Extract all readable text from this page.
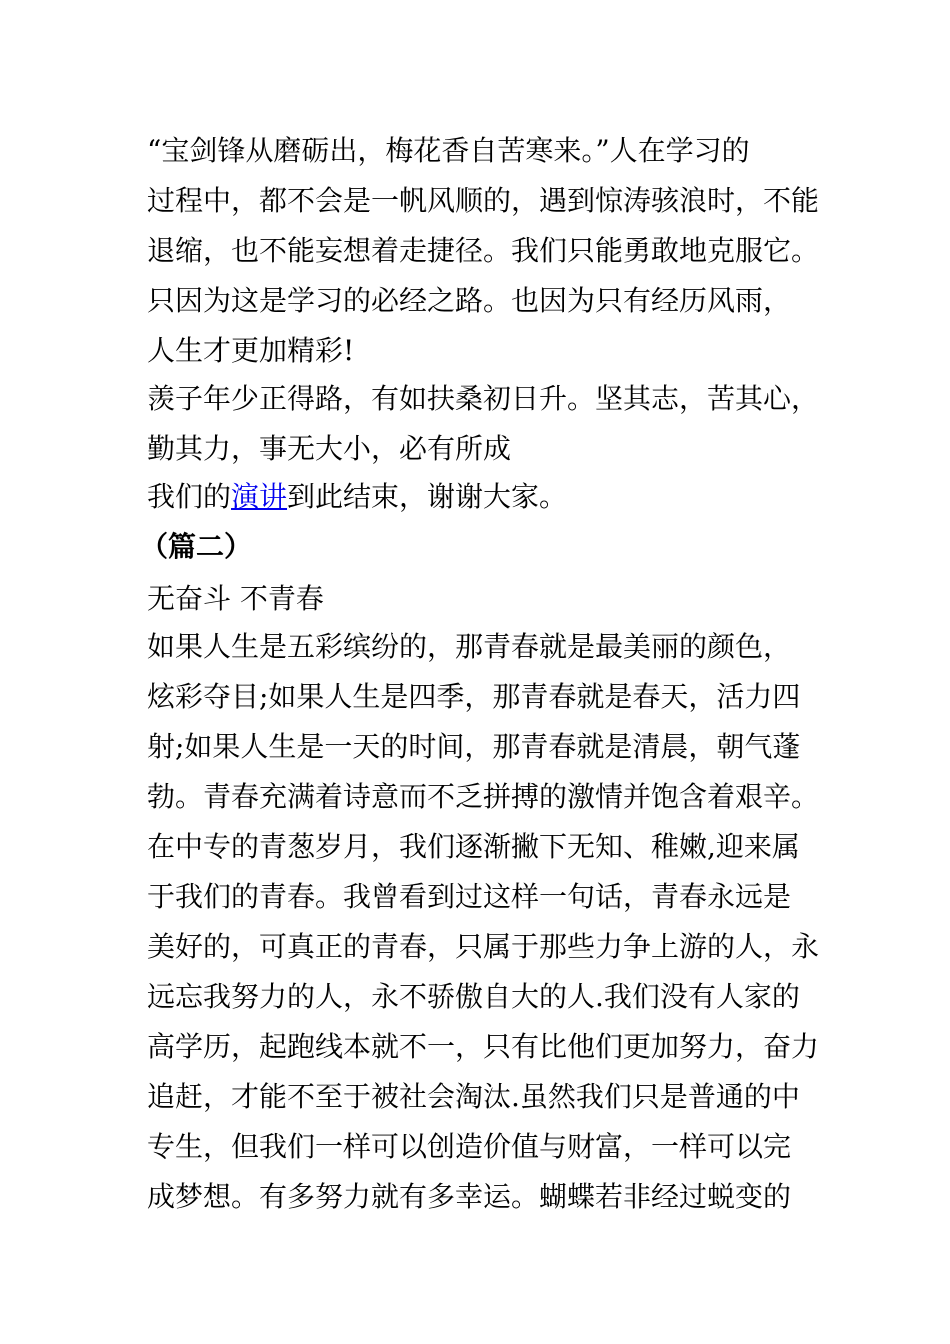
“宝剑锋从磨砺出，梅花香自苦寒来。”人在学习的
过程中，都不会是一帆风顺的，遇到惊涛骇浪时，不能
退缩，也不能妄想着走捷径。我们只能勇敢地克服它。
只因为这是学习的必经之路。也因为只有经历风雨，
人生才更加精彩!
羡子年少正得路，有如扶桑初日升。坚其志，苦其心，
勤其力，事无大小，必有所成
我们的演讲到此结束，谢谢大家。
（篇二）
无奋斗 不青春
如果人生是五彩缤纷的，那青春就是最美丽的颜色，
炫彩夺目;如果人生是四季，那青春就是春天，活力四
射;如果人生是一天的时间，那青春就是清晨，朝气蓬
勃。青春充满着诗意而不乏拼搏的激情并饱含着艰辛。
在中专的青葱岁月，我们逐渐撇下无知、稚嫩,迎来属
于我们的青春。我曾看到过这样一句话，青春永远是
美好的，可真正的青春，只属于那些力争上游的人，永
远忘我努力的人，永不骄傲自大的人.我们没有人家的
高学历，起跑线本就不一，只有比他们更加努力，奋力
追赶，才能不至于被社会淘汰.虽然我们只是普通的中
专生，但我们一样可以创造价值与财富，一样可以完
成梦想。有多努力就有多幸运。蝴蝶若非经过蜕变的
